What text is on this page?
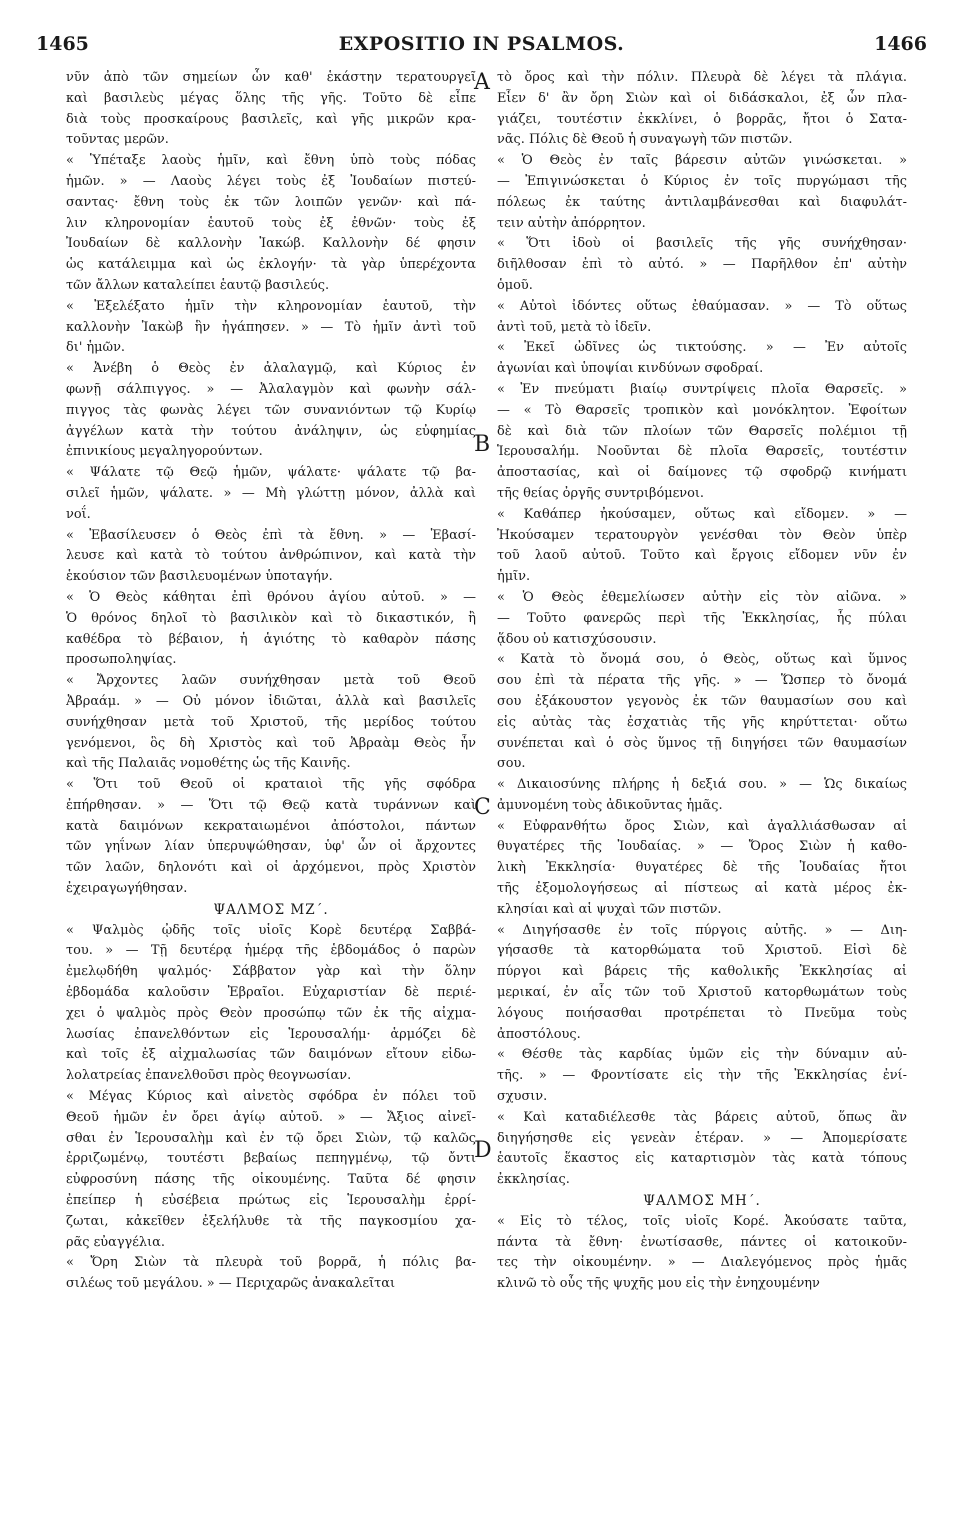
1465	EXPOSITIO IN PSALMOS.	1466
νῦν ἀπὸ τῶν σημείων ὧν καθ' ἑκάστην τερατουργεῖ
καὶ βασιλεὺς μέγας ὅλης τῆς γῆς. Τοῦτο δὲ εἶπε
διὰ τοὺς προσκαίρους βασιλεῖς, καὶ γῆς μικρῶν κρα-
τοῦντας μερῶν.
« Ὑπέταξε λαοὺς ἡμῖν, καὶ ἔθνη ὑπὸ τοὺς πόδας
ἡμῶν. » — Λαοὺς λέγει τοὺς ἐξ Ἰουδαίων πιστεύ-
σαντας· ἔθνη τοὺς ἐκ τῶν λοιπῶν γενῶν· καὶ πά-
λιν κληρονομίαν ἑαυτοῦ τοὺς ἐξ ἐθνῶν· τοὺς ἐξ
Ἰουδαίων δὲ καλλονὴν Ἰακώβ. Καλλονὴν δέ φησιν
ὡς κατάλειμμα καὶ ὡς ἐκλογήν· τὰ γὰρ ὑπερέχοντα
τῶν ἄλλων καταλείπει ἑαυτῷ βασιλεύς.
« Ἐξελέξατο ἡμῖν τὴν κληρονομίαν ἑαυτοῦ, τὴν
καλλονὴν Ἰακὼβ ἣν ἠγάπησεν. » — Τὸ ἡμῖν ἀντὶ τοῦ
δι' ἡμῶν.
« Ἀνέβη ὁ Θεὸς ἐν ἀλαλαγμῷ, καὶ Κύριος ἐν
φωνῇ σάλπιγγος. » — Ἀλαλαγμὸν καὶ φωνὴν σάλ-
πιγγος τὰς φωνὰς λέγει τῶν συνανιόντων τῷ Κυρίῳ
ἀγγέλων κατὰ τὴν τούτου ἀνάληψιν, ὡς εὐφημίας
ἐπινικίους μεγαληγορούντων.
« Ψάλατε τῷ Θεῷ ἡμῶν, ψάλατε· ψάλατε τῷ βα-
σιλεῖ ἡμῶν, ψάλατε. » — Μὴ γλώττῃ μόνον, ἀλλὰ καὶ
νοΐ.
« Ἐβασίλευσεν ὁ Θεὸς ἐπὶ τὰ ἔθνη. » — Ἐβασί-
λευσε καὶ κατὰ τὸ τούτου ἀνθρώπινον, καὶ κατὰ τὴν
ἑκούσιον τῶν βασιλευομένων ὑποταγήν.
« Ὁ Θεὸς κάθηται ἐπὶ θρόνου ἁγίου αὐτοῦ. » —
Ὁ θρόνος δηλοῖ τὸ βασιλικὸν καὶ τὸ δικαστικόν, ἢ
καθέδρα τὸ βέβαιον, ἡ ἁγιότης τὸ καθαρὸν πάσης
προσωποληψίας.
« Ἄρχοντες λαῶν συνήχθησαν μετὰ τοῦ Θεοῦ
Ἀβραάμ. » — Οὐ μόνον ἰδιῶται, ἀλλὰ καὶ βασιλεῖς
συνήχθησαν μετὰ τοῦ Χριστοῦ, τῆς μερίδος τούτου
γενόμενοι, ὃς δὴ Χριστὸς καὶ τοῦ Ἀβραὰμ Θεὸς ἦν
καὶ τῆς Παλαιᾶς νομοθέτης ὡς τῆς Καινῆς.
« Ὅτι τοῦ Θεοῦ οἱ κραταιοὶ τῆς γῆς σφόδρα
ἐπήρθησαν. » — Ὅτι τῷ Θεῷ κατὰ τυράννων καὶ
κατὰ δαιμόνων κεκραταιωμένοι ἀπόστολοι, πάντων
τῶν γηΐνων λίαν ὑπερυψώθησαν, ὑφ' ὧν οἱ ἄρχοντες
τῶν λαῶν, δηλονότι καὶ οἱ ἀρχόμενοι, πρὸς Χριστὸν
ἐχειραγωγήθησαν.
ΨΑΛΜΟΣ ΜΖ΄.
« Ψαλμὸς ᾠδῆς τοῖς υἱοῖς Κορὲ δευτέρᾳ Σαββά-
του. » — Τῇ δευτέρᾳ ἡμέρᾳ τῆς ἑβδομάδος ὁ παρὼν
ἐμελῳδήθη ψαλμός· Σάββατον γὰρ καὶ τὴν ὅλην
ἑβδομάδα καλοῦσιν Ἑβραῖοι. Εὐχαριστίαν δὲ περιέ-
χει ὁ ψαλμὸς πρὸς Θεὸν προσώπῳ τῶν ἐκ τῆς αἰχμα-
λωσίας ἐπανελθόντων εἰς Ἱερουσαλήμ· ἁρμόζει δὲ
καὶ τοῖς ἐξ αἰχμαλωσίας τῶν δαιμόνων εἴτουν εἰδω-
λολατρείας ἐπανελθοῦσι πρὸς θεογνωσίαν.
« Μέγας Κύριος καὶ αἰνετὸς σφόδρα ἐν πόλει τοῦ
Θεοῦ ἡμῶν ἐν ὄρει ἁγίῳ αὐτοῦ. » — Ἄξιος αἰνεῖ-
σθαι ἐν Ἱερουσαλὴμ καὶ ἐν τῷ ὄρει Σιὼν, τῷ καλῶς
ἐρριζωμένῳ, τουτέστι βεβαίως πεπηγμένῳ, τῷ ὄντι
εὐφροσύνη πάσης τῆς οἰκουμένης. Ταῦτα δέ φησιν
ἐπείπερ ἡ εὐσέβεια πρώτως εἰς Ἱερουσαλὴμ ἐρρί-
ζωται, κἀκεῖθεν ἐξελήλυθε τὰ τῆς παγκοσμίου χα-
ρᾶς εὐαγγέλια.
« Ὄρη Σιὼν τὰ πλευρὰ τοῦ βορρᾶ, ἡ πόλις βα-
σιλέως τοῦ μεγάλου. » — Περιχαρῶς ἀνακαλεῖται
τὸ ὄρος καὶ τὴν πόλιν. Πλευρὰ δὲ λέγει τὰ πλάγια.
Εἶεν δ' ἂν ὄρη Σιὼν καὶ οἱ διδάσκαλοι, ἐξ ὧν πλα-
γιάζει, τουτέστιν ἐκκλίνει, ὁ βορρᾶς, ἤτοι ὁ Σατα-
νᾶς. Πόλις δὲ Θεοῦ ἡ συναγωγὴ τῶν πιστῶν.
« Ὁ Θεὸς ἐν ταῖς βάρεσιν αὐτῶν γινώσκεται. »
— Ἐπιγινώσκεται ὁ Κύριος ἐν τοῖς πυργώμασι τῆς
πόλεως ἐκ ταύτης ἀντιλαμβάνεσθαι καὶ διαφυλάτ-
τειν αὐτὴν ἀπόρρητον.
« Ὅτι ἰδοὺ οἱ βασιλεῖς τῆς γῆς συνήχθησαν·
διῆλθοσαν ἐπὶ τὸ αὐτό. » — Παρῆλθον ἐπ' αὐτὴν
ὁμοῦ.
« Αὐτοὶ ἰδόντες οὕτως ἐθαύμασαν. » — Τὸ οὕτως
ἀντὶ τοῦ, μετὰ τὸ ἰδεῖν.
« Ἐκεῖ ὠδῖνες ὡς τικτούσης. » — Ἐν αὐτοῖς
ἀγωνίαι καὶ ὑποψίαι κινδύνων σφοδραί.
« Ἐν πνεύματι βιαίῳ συντρίψεις πλοῖα Θαρσεῖς. »
— « Τὸ Θαρσεῖς τροπικὸν καὶ μονόκλητον. Ἐφοίτων
δὲ καὶ διὰ τῶν πλοίων τῶν Θαρσεῖς πολέμιοι τῇ
Ἱερουσαλήμ. Νοοῦνται δὲ πλοῖα Θαρσεῖς, τουτέστιν
ἀποστασίας, καὶ οἱ δαίμονες τῷ σφοδρῷ κινήματι
τῆς θείας ὀργῆς συντριβόμενοι.
« Καθάπερ ἠκούσαμεν, οὕτως καὶ εἴδομεν. » —
Ἠκούσαμεν τερατουργὸν γενέσθαι τὸν Θεὸν ὑπὲρ
τοῦ λαοῦ αὐτοῦ. Τοῦτο καὶ ἔργοις εἴδομεν νῦν ἐν
ἡμῖν.
« Ὁ Θεὸς ἐθεμελίωσεν αὐτὴν εἰς τὸν αἰῶνα. »
— Τοῦτο φανερῶς περὶ τῆς Ἐκκλησίας, ἧς πύλαι
ᾅδου οὐ κατισχύσουσιν.
« Κατὰ τὸ ὄνομά σου, ὁ Θεὸς, οὕτως καὶ ὕμνος
σου ἐπὶ τὰ πέρατα τῆς γῆς. » — Ὥσπερ τὸ ὄνομά
σου ἐξάκουστον γεγονὸς ἐκ τῶν θαυμασίων σου καὶ
εἰς αὐτὰς τὰς ἐσχατιὰς τῆς γῆς κηρύττεται· οὕτω
συνέπεται καὶ ὁ σὸς ὕμνος τῇ διηγήσει τῶν θαυμασίων
σου.
« Δικαιοσύνης πλήρης ἡ δεξιά σου. » — Ὡς δικαίως
ἀμυνομένη τοὺς ἀδικοῦντας ἡμᾶς.
« Εὐφρανθήτω ὄρος Σιὼν, καὶ ἀγαλλιάσθωσαν αἱ
θυγατέρες τῆς Ἰουδαίας. » — Ὄρος Σιὼν ἡ καθο-
λικὴ Ἐκκλησία· θυγατέρες δὲ τῆς Ἰουδαίας ἤτοι
τῆς ἐξομολογήσεως αἱ πίστεως αἱ κατὰ μέρος ἐκ-
κλησίαι καὶ αἱ ψυχαὶ τῶν πιστῶν.
« Διηγήσασθε ἐν τοῖς πύργοις αὐτῆς. » — Διη-
γήσασθε τὰ κατορθώματα τοῦ Χριστοῦ. Εἰσὶ δὲ
πύργοι καὶ βάρεις τῆς καθολικῆς Ἐκκλησίας αἱ
μερικαί, ἐν αἷς τῶν τοῦ Χριστοῦ κατορθωμάτων τοὺς
λόγους ποιήσασθαι προτρέπεται τὸ Πνεῦμα τοὺς
ἀποστόλους.
« Θέσθε τὰς καρδίας ὑμῶν εἰς τὴν δύναμιν αὐ-
τῆς. » — Φροντίσατε εἰς τὴν τῆς Ἐκκλησίας ἐνί-
σχυσιν.
« Καὶ καταδιέλεσθε τὰς βάρεις αὐτοῦ, ὅπως ἂν
διηγήσησθε εἰς γενεὰν ἑτέραν. » — Ἀπομερίσατε
ἑαυτοῖς ἕκαστος εἰς καταρτισμὸν τὰς κατὰ τόπους
ἐκκλησίας.
ΨΑΛΜΟΣ ΜΗ΄.
« Εἰς τὸ τέλος, τοῖς υἱοῖς Κορέ. Ἀκούσατε ταῦτα,
πάντα τὰ ἔθνη· ἐνωτίσασθε, πάντες οἱ κατοικοῦν-
τες τὴν οἰκουμένην. » — Διαλεγόμενος πρὸς ἡμᾶς
κλινῶ τὸ οὖς τῆς ψυχῆς μου εἰς τὴν ἐνηχουμένην
A
B
C
D
